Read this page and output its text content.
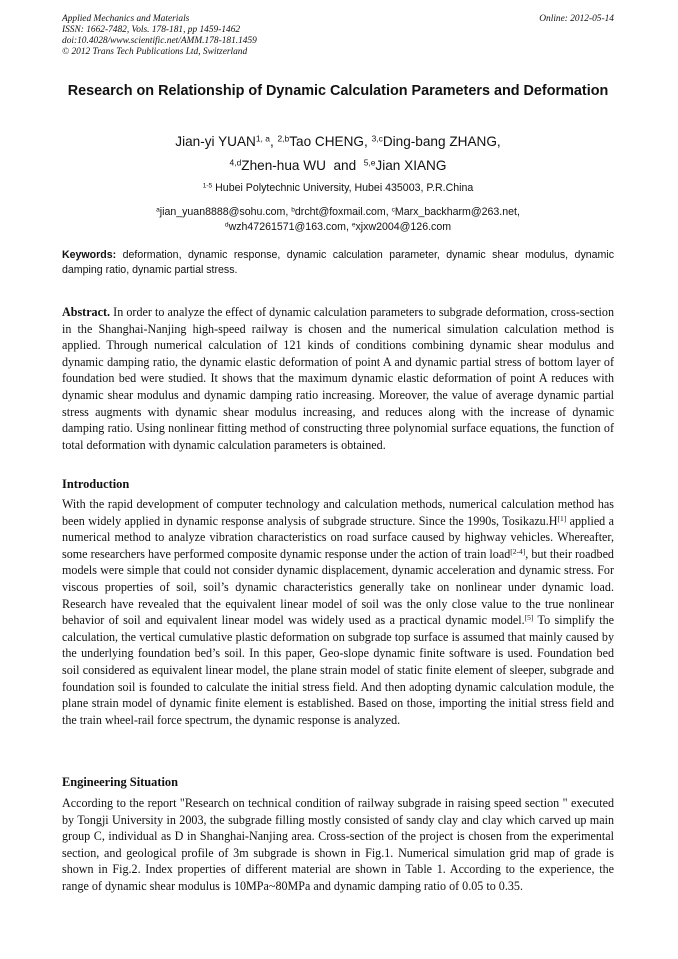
Applied Mechanics and Materials
ISSN: 1662-7482, Vols. 178-181, pp 1459-1462
doi:10.4028/www.scientific.net/AMM.178-181.1459
© 2012 Trans Tech Publications Ltd, Switzerland
Online: 2012-05-14
Research on Relationship of Dynamic Calculation Parameters and Deformation
Jian-yi YUAN$^{1, a}$, $^{2,b}$Tao CHENG, $^{3,c}$Ding-bang ZHANG,
$^{4,d}$Zhen-hua WU and $^{5,e}$Jian XIANG
$^{1-5}$ Hubei Polytechnic University, Hubei 435003, P.R.China
$^a$jian_yuan8888@sohu.com, $^b$drcht@foxmail.com, $^c$Marx_backharm@263.net,
$^d$wzh47261571@163.com, $^e$xjxw2004@126.com
Keywords: deformation, dynamic response, dynamic calculation parameter, dynamic shear modulus, dynamic damping ratio, dynamic partial stress.
Abstract. In order to analyze the effect of dynamic calculation parameters to subgrade deformation, cross-section in the Shanghai-Nanjing high-speed railway is chosen and the numerical simulation calculation method is applied. Through numerical calculation of 121 kinds of conditions combining dynamic shear modulus and dynamic damping ratio, the dynamic elastic deformation of point A and dynamic partial stress of bottom layer of foundation bed were studied. It shows that the maximum dynamic elastic deformation of point A reduces with dynamic shear modulus and dynamic damping ratio increasing. Moreover, the value of average dynamic partial stress augments with dynamic shear modulus increasing, and reduces along with the increase of dynamic damping ratio. Using nonlinear fitting method of constructing three polynomial surface equations, the function of total deformation with dynamic calculation parameters is obtained.
Introduction
With the rapid development of computer technology and calculation methods, numerical calculation method has been widely applied in dynamic response analysis of subgrade structure. Since the 1990s, Tosikazu.H[1] applied a numerical method to analyze vibration characteristics on road surface caused by highway vehicles. Whereafter, some researchers have performed composite dynamic response under the action of train load[2-4], but their roadbed models were simple that could not consider dynamic displacement, dynamic acceleration and dynamic stress. For viscous properties of soil, soil’s dynamic characteristics generally take on nonlinear under dynamic load. Research have revealed that the equivalent linear model of soil was the only close value to the true nonlinear behavior of soil and equivalent linear model was widely used as a practical dynamic model.[5] To simplify the calculation, the vertical cumulative plastic deformation on subgrade top surface is assumed that mainly caused by the underlying foundation bed’s soil. In this paper, Geo-slope dynamic finite software is used. Foundation bed soil considered as equivalent linear model, the plane strain model of static finite element of sleeper, subgrade and foundation soil is founded to calculate the initial stress field. And then adopting dynamic calculation module, the plane strain model of dynamic finite element is established. Based on those, importing the initial stress field and the train wheel-rail force spectrum, the dynamic response is analyzed.
Engineering Situation
According to the report "Research on technical condition of railway subgrade in raising speed section " executed by Tongji University in 2003, the subgrade filling mostly consisted of sandy clay and clay which carved up main group C, individual as D in Shanghai-Nanjing area. Cross-section of the project is chosen from the experimental section, and geological profile of 3m subgrade is shown in Fig.1. Numerical simulation grid map of grade is shown in Fig.2. Index properties of different material are shown in Table 1. According to the experience, the range of dynamic shear modulus is 10MPa~80MPa and dynamic damping ratio of 0.05 to 0.35.
